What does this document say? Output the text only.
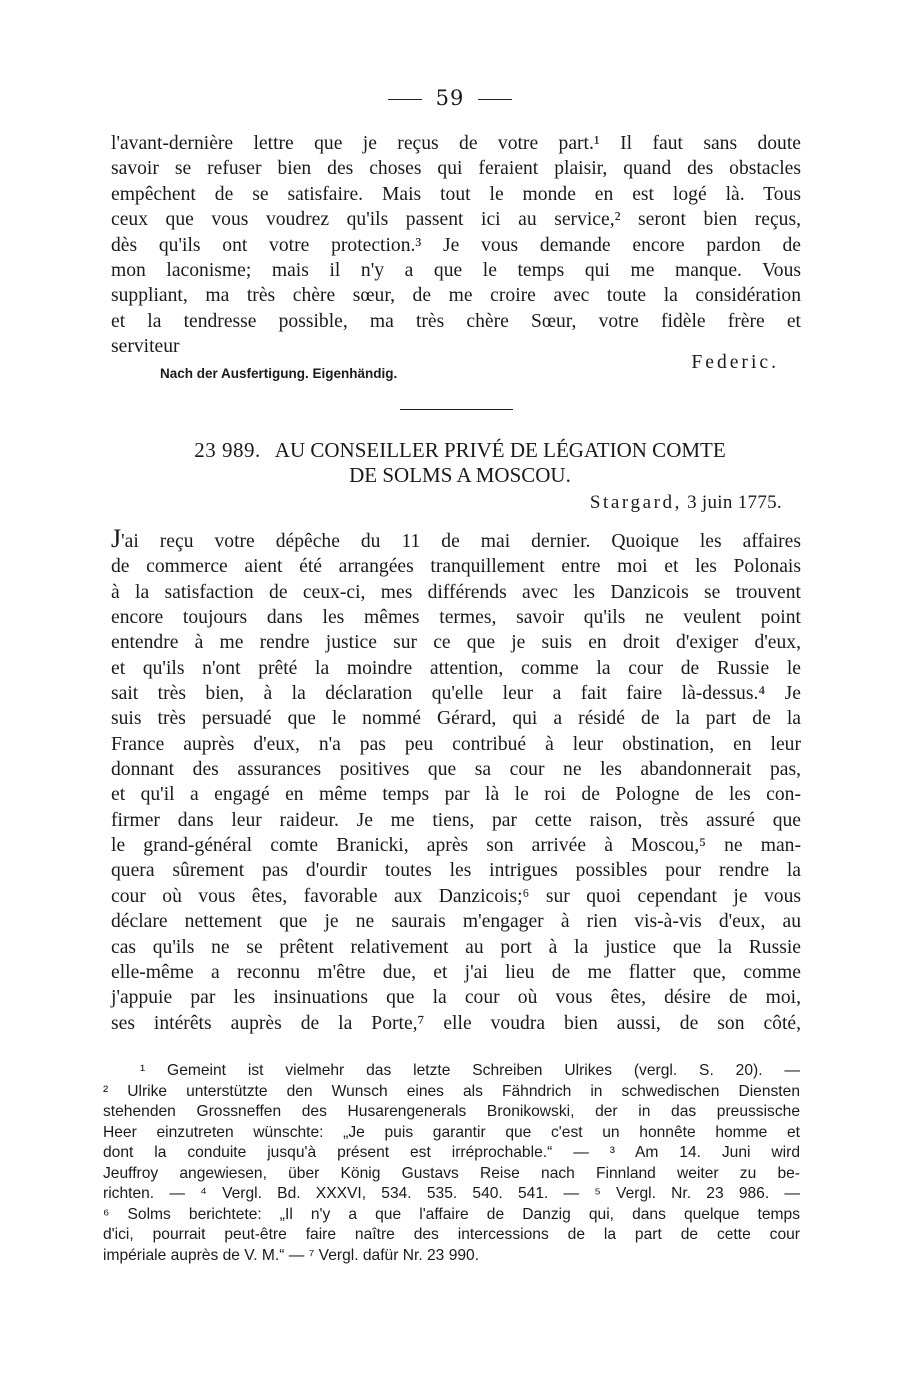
59
l'avant-dernière lettre que je reçus de votre part.¹ Il faut sans doute
savoir se refuser bien des choses qui feraient plaisir, quand des obstacles
empêchent de se satisfaire. Mais tout le monde en est logé là. Tous
ceux que vous voudrez qu'ils passent ici au service,² seront bien reçus,
dès qu'ils ont votre protection.³ Je vous demande encore pardon de
mon laconisme; mais il n'y a que le temps qui me manque. Vous
suppliant, ma très chère sœur, de me croire avec toute la considération
et la tendresse possible, ma très chère Sœur, votre fidèle frère et
serviteur
Federic.
Nach der Ausfertigung. Eigenhändig.
23 989. AU CONSEILLER PRIVÉ DE LÉGATION COMTE
DE SOLMS A MOSCOU.
Stargard, 3 juin 1775.
J'ai reçu votre dépêche du 11 de mai dernier. Quoique les affaires
de commerce aient été arrangées tranquillement entre moi et les Polonais
à la satisfaction de ceux-ci, mes différends avec les Danzicois se trouvent
encore toujours dans les mêmes termes, savoir qu'ils ne veulent point
entendre à me rendre justice sur ce que je suis en droit d'exiger d'eux,
et qu'ils n'ont prêté la moindre attention, comme la cour de Russie le
sait très bien, à la déclaration qu'elle leur a fait faire là-dessus.⁴ Je
suis très persuadé que le nommé Gérard, qui a résidé de la part de la
France auprès d'eux, n'a pas peu contribué à leur obstination, en leur
donnant des assurances positives que sa cour ne les abandonnerait pas,
et qu'il a engagé en même temps par là le roi de Pologne de les con-
firmer dans leur raideur. Je me tiens, par cette raison, très assuré que
le grand-général comte Branicki, après son arrivée à Moscou,⁵ ne man-
quera sûrement pas d'ourdir toutes les intrigues possibles pour rendre la
cour où vous êtes, favorable aux Danzicois;⁶ sur quoi cependant je vous
déclare nettement que je ne saurais m'engager à rien vis-à-vis d'eux, au
cas qu'ils ne se prêtent relativement au port à la justice que la Russie
elle-même a reconnu m'être due, et j'ai lieu de me flatter que, comme
j'appuie par les insinuations que la cour où vous êtes, désire de moi,
ses intérêts auprès de la Porte,⁷ elle voudra bien aussi, de son côté,
¹ Gemeint ist vielmehr das letzte Schreiben Ulrikes (vergl. S. 20). —
² Ulrike unterstützte den Wunsch eines als Fähndrich in schwedischen Diensten
stehenden Grossneffen des Husarengenerals Bronikowski, der in das preussische
Heer einzutreten wünschte: „Je puis garantir que c'est un honnête homme et
dont la conduite jusqu'à présent est irréprochable.“ — ³ Am 14. Juni wird
Jeuffroy angewiesen, über König Gustavs Reise nach Finnland weiter zu be-
richten. — ⁴ Vergl. Bd. XXXVI, 534. 535. 540. 541. — ⁵ Vergl. Nr. 23 986. —
⁶ Solms berichtete: „Il n'y a que l'affaire de Danzig qui, dans quelque temps
d'ici, pourrait peut-être faire naître des intercessions de la part de cette cour
impériale auprès de V. M.“ — ⁷ Vergl. dafür Nr. 23 990.
